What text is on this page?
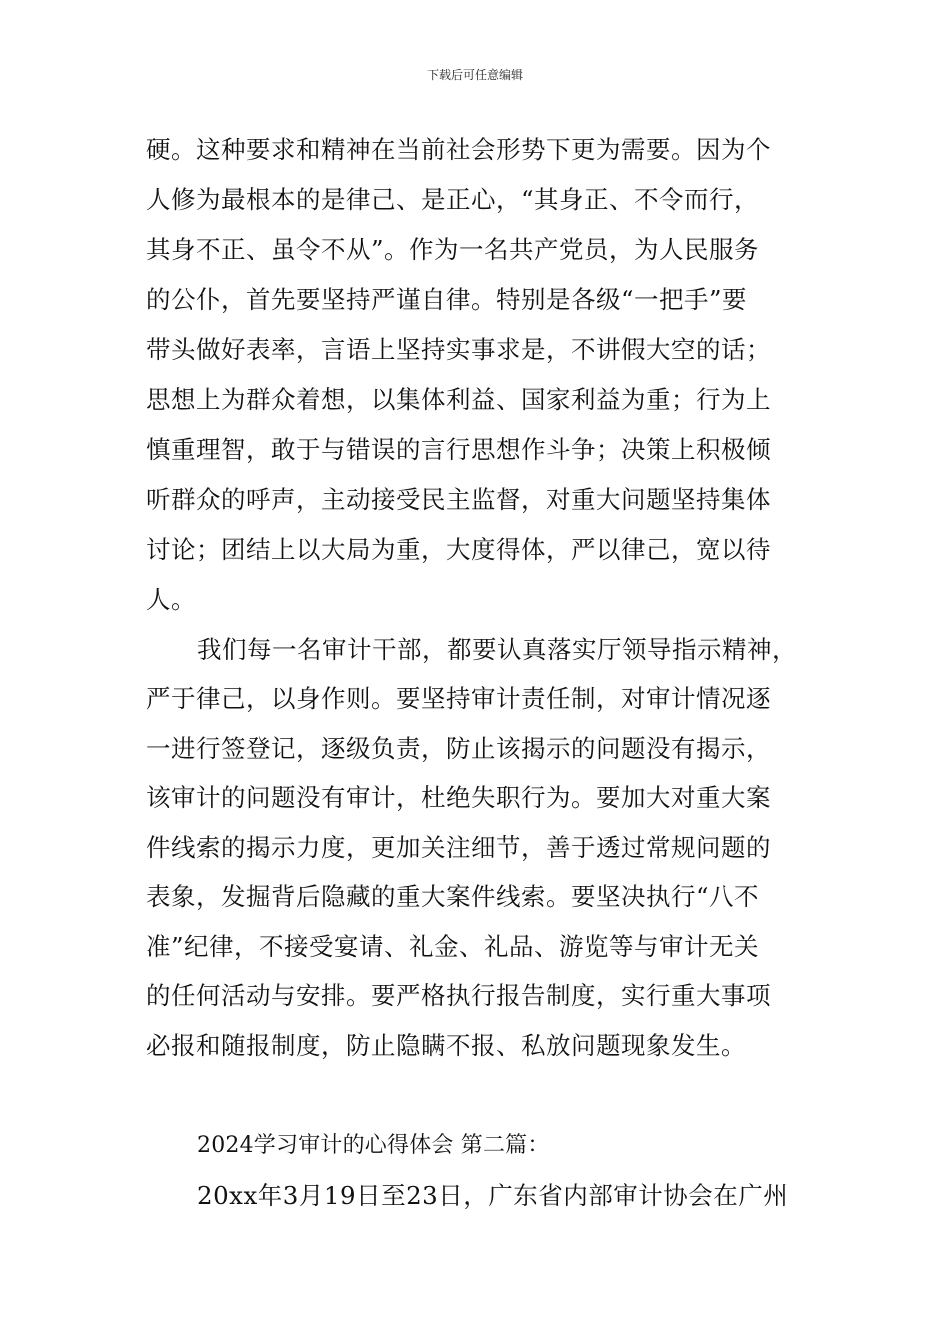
下载后可任意编辑
硬。这种要求和精神在当前社会形势下更为需要。因为个
人修为最根本的是律己、是正心，“其身正、不令而行，
其身不正、虽令不从”。作为一名共产党员，为人民服务
的公仆，首先要坚持严谨自律。特别是各级“一把手”要
带头做好表率，言语上坚持实事求是，不讲假大空的话；
思想上为群众着想，以集体利益、国家利益为重；行为上
慎重理智，敢于与错误的言行思想作斗争；决策上积极倾
听群众的呼声，主动接受民主监督，对重大问题坚持集体
讨论；团结上以大局为重，大度得体，严以律己，宽以待
人。
我们每一名审计干部，都要认真落实厅领导指示精神，
严于律己，以身作则。要坚持审计责任制，对审计情况逐
一进行签登记，逐级负责，防止该揭示的问题没有揭示，
该审计的问题没有审计，杜绝失职行为。要加大对重大案
件线索的揭示力度，更加关注细节，善于透过常规问题的
表象，发掘背后隐藏的重大案件线索。要坚决执行“八不
准”纪律，不接受宴请、礼金、礼品、游览等与审计无关
的任何活动与安排。要严格执行报告制度，实行重大事项
必报和随报制度，防止隐瞒不报、私放问题现象发生。
2024学习审计的心得体会 第二篇：
20xx年3月19日至23日，广东省内部审计协会在广州
